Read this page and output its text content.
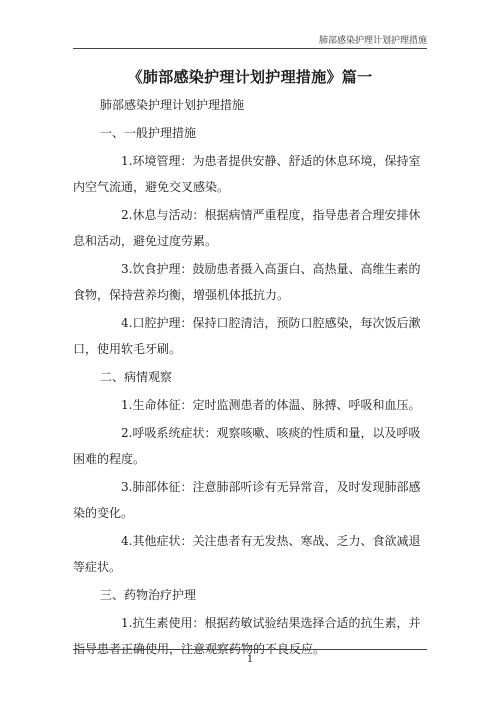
肺部感染护理计划护理措施
《肺部感染护理计划护理措施》篇一
肺部感染护理计划护理措施
一、一般护理措施
1.环境管理：为患者提供安静、舒适的休息环境，保持室
内空气流通，避免交叉感染。
2.休息与活动：根据病情严重程度，指导患者合理安排休
息和活动，避免过度劳累。
3.饮食护理：鼓励患者摄入高蛋白、高热量、高维生素的
食物，保持营养均衡，增强机体抵抗力。
4.口腔护理：保持口腔清洁，预防口腔感染，每次饭后漱
口，使用软毛牙刷。
二、病情观察
1.生命体征：定时监测患者的体温、脉搏、呼吸和血压。
2.呼吸系统症状：观察咳嗽、咳痰的性质和量，以及呼吸
困难的程度。
3.肺部体征：注意肺部听诊有无异常音，及时发现肺部感
染的变化。
4.其他症状：关注患者有无发热、寒战、乏力、食欲减退
等症状。
三、药物治疗护理
1.抗生素使用：根据药敏试验结果选择合适的抗生素，并
指导患者正确使用，注意观察药物的不良反应。
1
